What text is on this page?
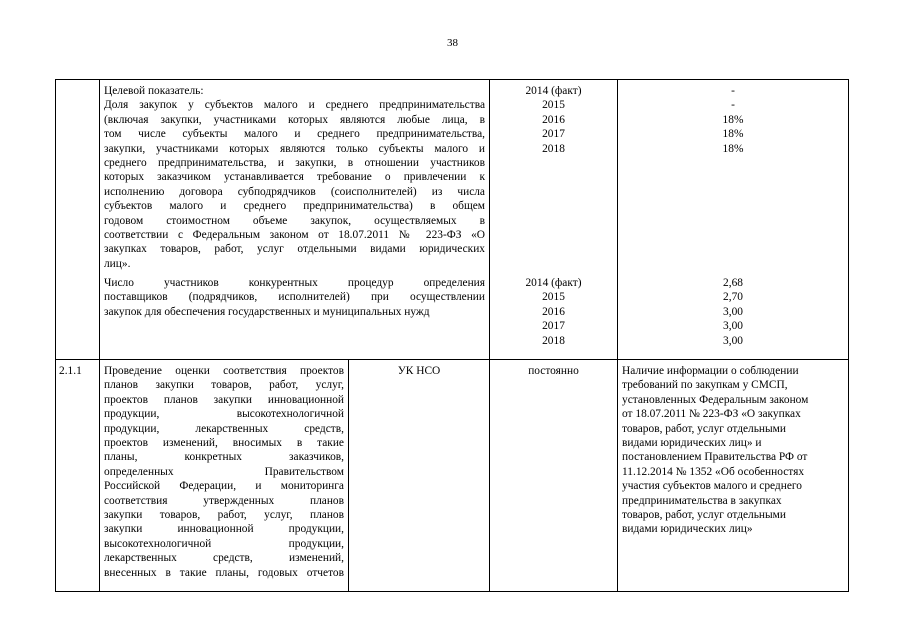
38
Целевой показатель:
Доля закупок у субъектов малого и среднего предпринимательства
(включая закупки, участниками которых являются любые лица, в
том числе субъекты малого и среднего предпринимательства,
закупки, участниками которых являются только субъекты малого и
среднего предпринимательства, и закупки, в отношении участников
которых заказчиком устанавливается требование о привлечении к
исполнению договора субподрядчиков (соисполнителей) из числа
субъектов малого и среднего предпринимательства) в общем
годовом стоимостном объеме закупок, осуществляемых в
соответствии с Федеральным законом от 18.07.2011 № 223-ФЗ «О
закупках товаров, работ, услуг отдельными видами юридических
лиц».
2014 (факт)
2015
2016
2017
2018
-
-
18%
18%
18%
Число участников конкурентных процедур определения
поставщиков (подрядчиков, исполнителей) при осуществлении
закупок для обеспечения государственных и муниципальных нужд
2014 (факт)
2015
2016
2017
2018
2,68
2,70
3,00
3,00
3,00
2.1.1 Проведение оценки соответствия проектов
планов закупки товаров, работ, услуг,
проектов планов закупки инновационной
продукции, высокотехнологичной
продукции, лекарственных средств,
проектов изменений, вносимых в такие
планы, конкретных заказчиков,
определенных Правительством
Российской Федерации, и мониторинга
соответствия утвержденных планов
закупки товаров, работ, услуг, планов
закупки инновационной продукции,
высокотехнологичной продукции,
лекарственных средств, изменений,
внесенных в такие планы, годовых отчетов
УК НСО	постоянно	Наличие информации о соблюдении
требований по закупкам у СМСП,
установленных Федеральным законом
от 18.07.2011 № 223-ФЗ «О закупках
товаров, работ, услуг отдельными
видами юридических лиц» и
постановлением Правительства РФ от
11.12.2014 № 1352 «Об особенностях
участия субъектов малого и среднего
предпринимательства в закупках
товаров, работ, услуг отдельными
видами юридических лиц»
